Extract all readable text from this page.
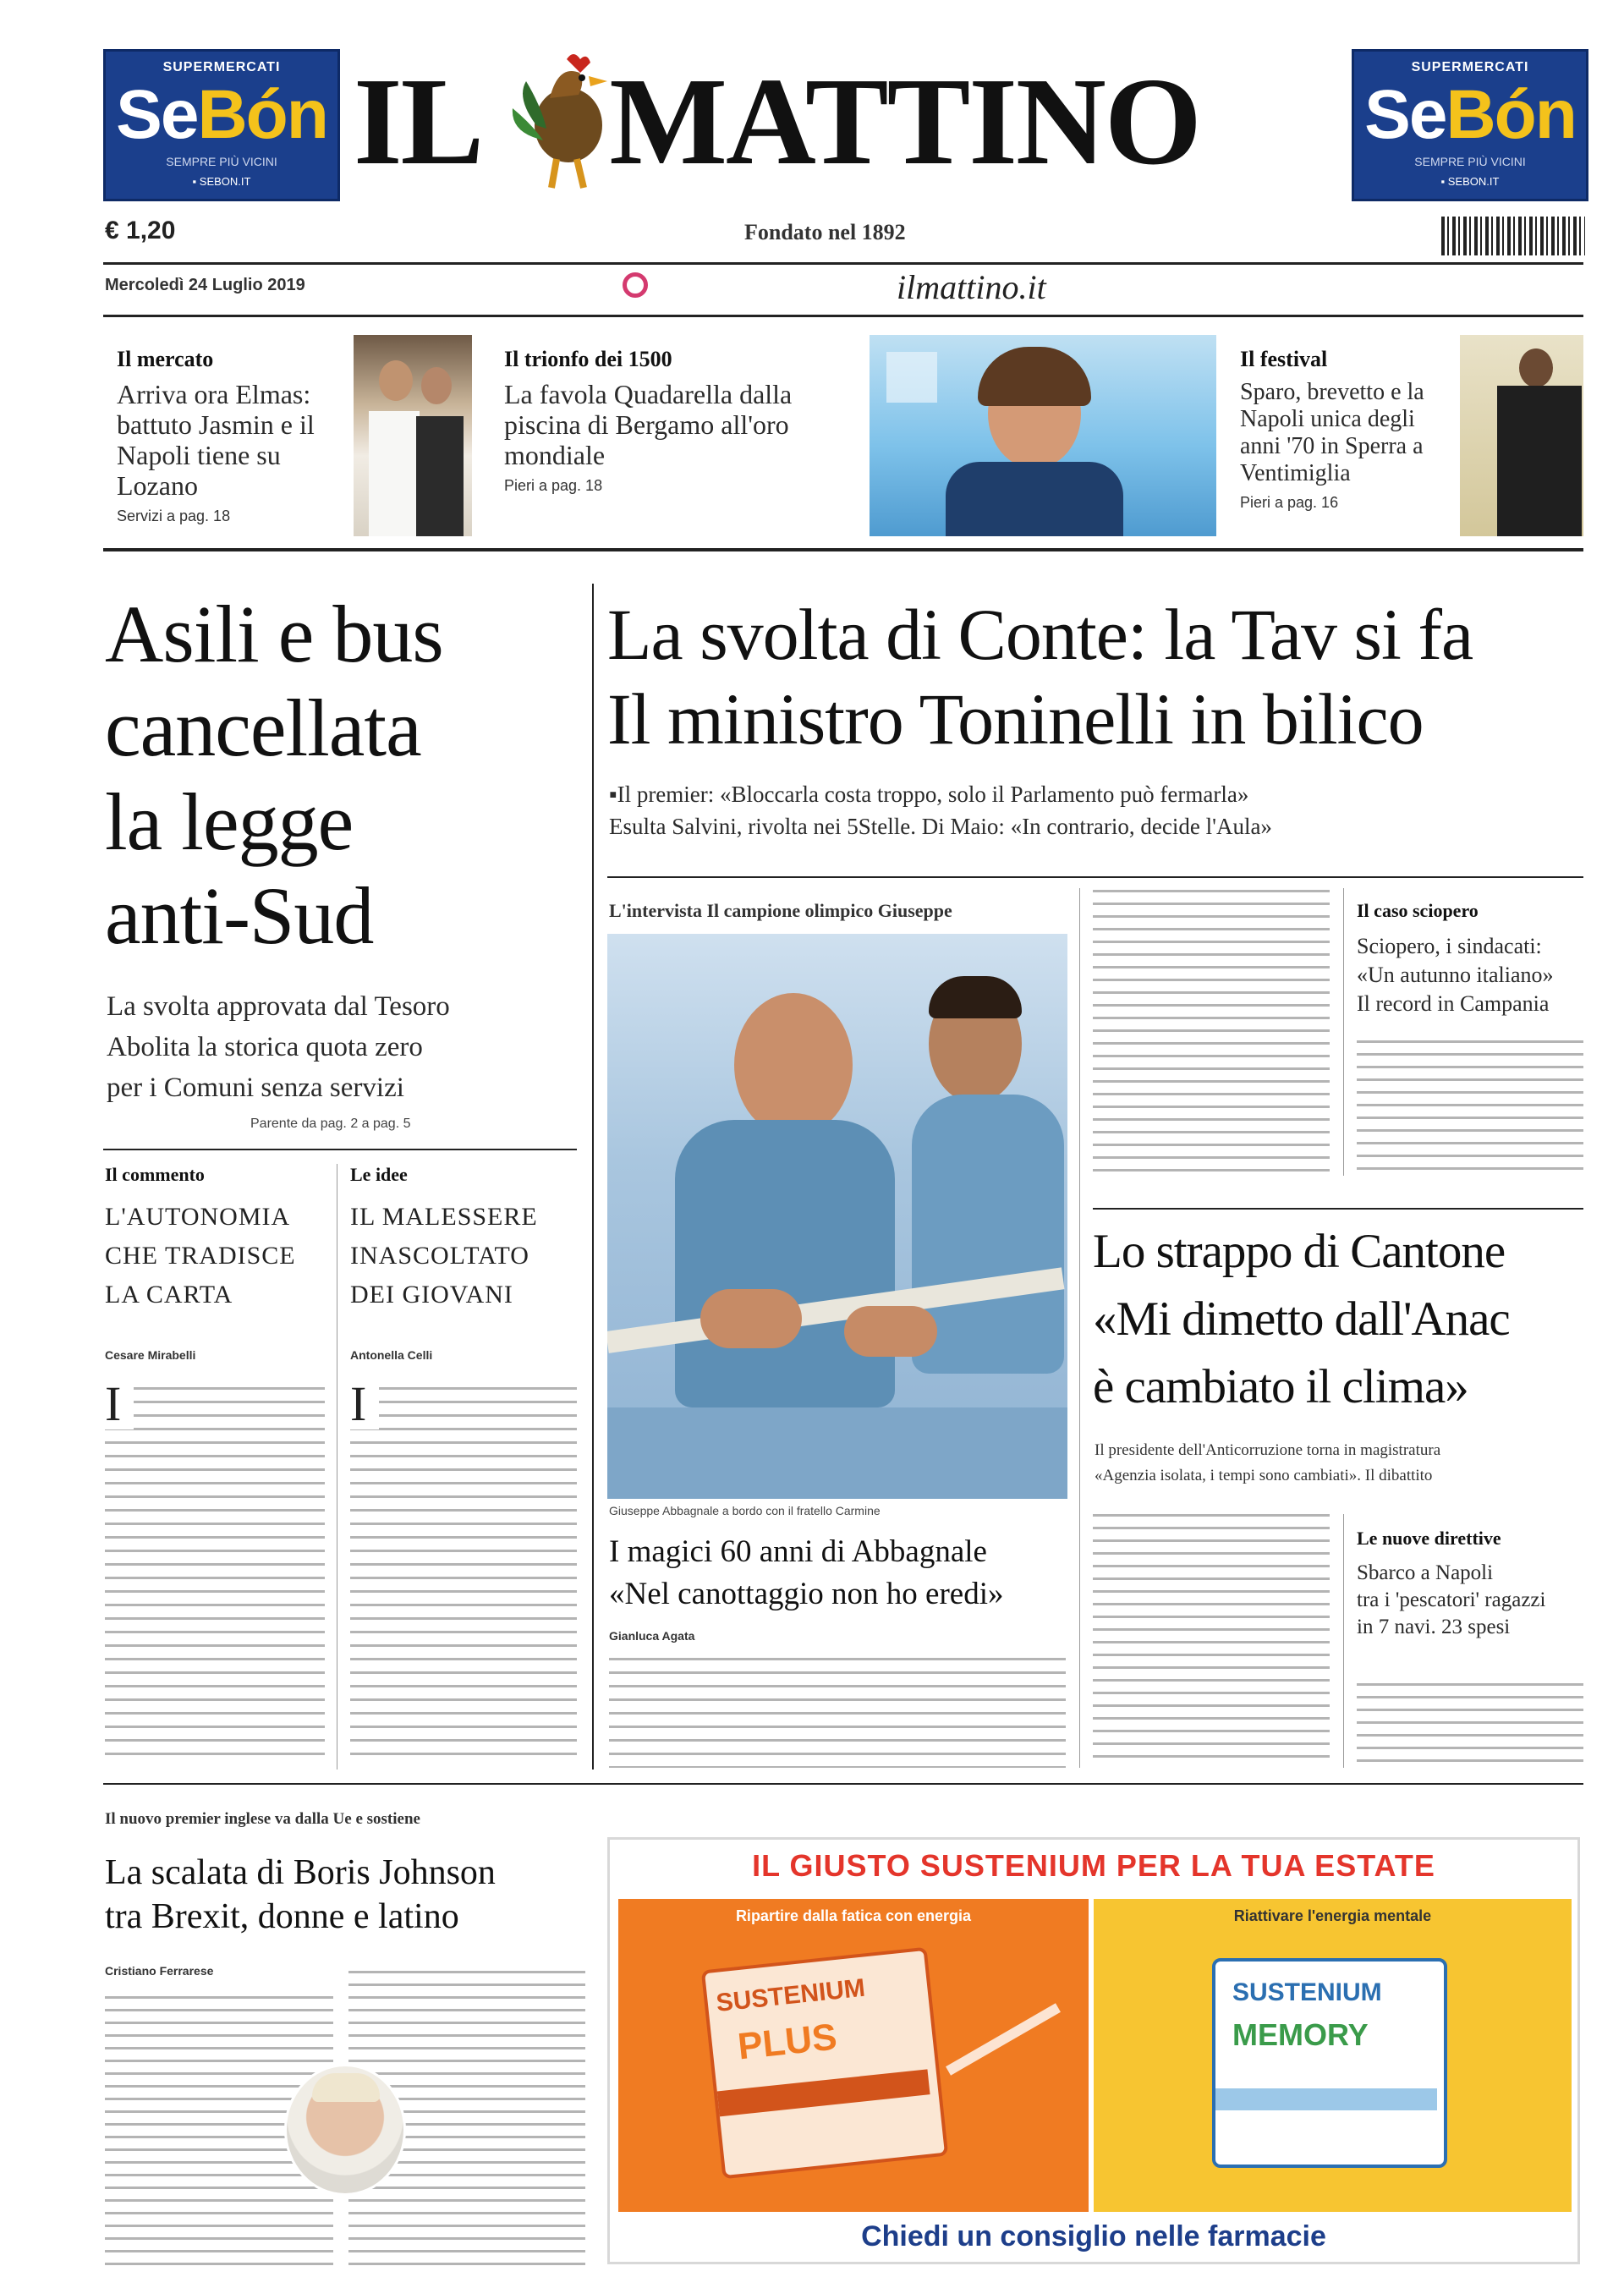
SUPERMERCATI
SeBón
SEMPRE PIÙ VICINI
▪ SEBON.IT IL MATTINO	SUPERMERCATI
SeBón
SEMPRE PIÙ VICINI
▪ SEBON.IT
€ 1,20	Fondato nel 1892
Mercoledì 24 Luglio 2019	ilmattino.it
Il mercato
Arriva ora Elmas: battuto Jasmin e il Napoli tiene su Lozano
Servizi a pag. 18
Il trionfo dei 1500
La favola Quadarella dalla piscina di Bergamo all'oro mondiale
Pieri a pag. 18
Il festival
Sparo, brevetto e la Napoli unica degli anni '70 in Sperra a Ventimiglia
Pieri a pag. 16
Asili e bus
cancellata
la legge
anti-Sud
La svolta approvata dal Tesoro
Abolita la storica quota zero
per i Comuni senza servizi
Parente da pag. 2 a pag. 5
Il commento
L'AUTONOMIA
CHE TRADISCE
LA CARTA
Cesare Mirabelli
Le idee
IL MALESSERE
INASCOLTATO
DEI GIOVANI
Antonella Celli
I	I
La svolta di Conte: la Tav si fa
Il ministro Toninelli in bilico
▪Il premier: «Bloccarla costa troppo, solo il Parlamento può fermarla»
Esulta Salvini, rivolta nei 5Stelle. Di Maio: «In contrario, decide l'Aula»
L'intervista Il campione olimpico Giuseppe
Giuseppe Abbagnale a bordo con il fratello Carmine
I magici 60 anni di Abbagnale
«Nel canottaggio non ho eredi»
Gianluca Agata
Il caso sciopero
Sciopero, i sindacati: «Un autunno italiano»
Il record in Campania
Lo strappo di Cantone
«Mi dimetto dall'Anac
è cambiato il clima»
Il presidente dell'Anticorruzione torna in magistratura
«Agenzia isolata, i tempi sono cambiati». Il dibattito
Le nuove direttive
Sbarco a Napoli
tra i 'pescatori' ragazzi
in 7 navi. 23 spesi
Il nuovo premier inglese va dalla Ue e sostiene
La scalata di Boris Johnson
tra Brexit, donne e latino
Cristiano Ferrarese
IL GIUSTO SUSTENIUM PER LA TUA ESTATE
Ripartire dalla fatica con energia
SUSTENIUM
PLUS
Riattivare l'energia mentale
SUSTENIUM
MEMORY
Chiedi un consiglio nelle farmacie
